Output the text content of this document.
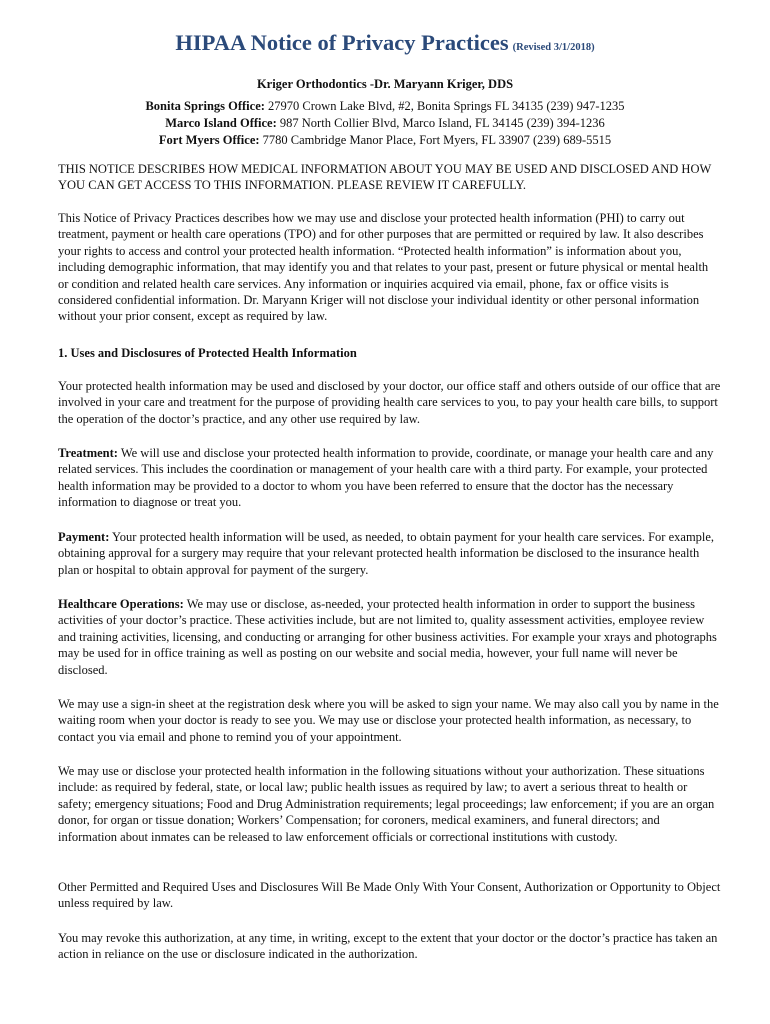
HIPAA Notice of Privacy Practices (Revised 3/1/2018)
Kriger Orthodontics -Dr. Maryann Kriger, DDS
Bonita Springs Office: 27970 Crown Lake Blvd, #2, Bonita Springs FL 34135 (239) 947-1235
Marco Island Office: 987 North Collier Blvd, Marco Island, FL 34145 (239) 394-1236
Fort Myers Office: 7780 Cambridge Manor Place, Fort Myers, FL 33907 (239) 689-5515
THIS NOTICE DESCRIBES HOW MEDICAL INFORMATION ABOUT YOU MAY BE USED AND DISCLOSED AND HOW YOU CAN GET ACCESS TO THIS INFORMATION. PLEASE REVIEW IT CAREFULLY.
This Notice of Privacy Practices describes how we may use and disclose your protected health information (PHI) to carry out treatment, payment or health care operations (TPO) and for other purposes that are permitted or required by law. It also describes your rights to access and control your protected health information. “Protected health information” is information about you, including demographic information, that may identify you and that relates to your past, present or future physical or mental health or condition and related health care services. Any information or inquiries acquired via email, phone, fax or office visits is considered confidential information. Dr. Maryann Kriger will not disclose your individual identity or other personal information without your prior consent, except as required by law.
1. Uses and Disclosures of Protected Health Information
Your protected health information may be used and disclosed by your doctor, our office staff and others outside of our office that are involved in your care and treatment for the purpose of providing health care services to you, to pay your health care bills, to support the operation of the doctor’s practice, and any other use required by law.
Treatment: We will use and disclose your protected health information to provide, coordinate, or manage your health care and any related services. This includes the coordination or management of your health care with a third party. For example, your protected health information may be provided to a doctor to whom you have been referred to ensure that the doctor has the necessary information to diagnose or treat you.
Payment: Your protected health information will be used, as needed, to obtain payment for your health care services. For example, obtaining approval for a surgery may require that your relevant protected health information be disclosed to the insurance health plan or hospital to obtain approval for payment of the surgery.
Healthcare Operations: We may use or disclose, as-needed, your protected health information in order to support the business activities of your doctor’s practice. These activities include, but are not limited to, quality assessment activities, employee review and training activities, licensing, and conducting or arranging for other business activities. For example your xrays and photographs may be used for in office training as well as posting on our website and social media, however, your full name will never be disclosed.
We may use a sign-in sheet at the registration desk where you will be asked to sign your name. We may also call you by name in the waiting room when your doctor is ready to see you. We may use or disclose your protected health information, as necessary, to contact you via email and phone to remind you of your appointment.
We may use or disclose your protected health information in the following situations without your authorization. These situations include: as required by federal, state, or local law; public health issues as required by law; to avert a serious threat to health or safety; emergency situations; Food and Drug Administration requirements; legal proceedings; law enforcement; if you are an organ donor, for organ or tissue donation; Workers’ Compensation; for coroners, medical examiners, and funeral directors; and information about inmates can be released to law enforcement officials or correctional institutions with custody.
Other Permitted and Required Uses and Disclosures Will Be Made Only With Your Consent, Authorization or Opportunity to Object unless required by law.
You may revoke this authorization, at any time, in writing, except to the extent that your doctor or the doctor’s practice has taken an action in reliance on the use or disclosure indicated in the authorization.
